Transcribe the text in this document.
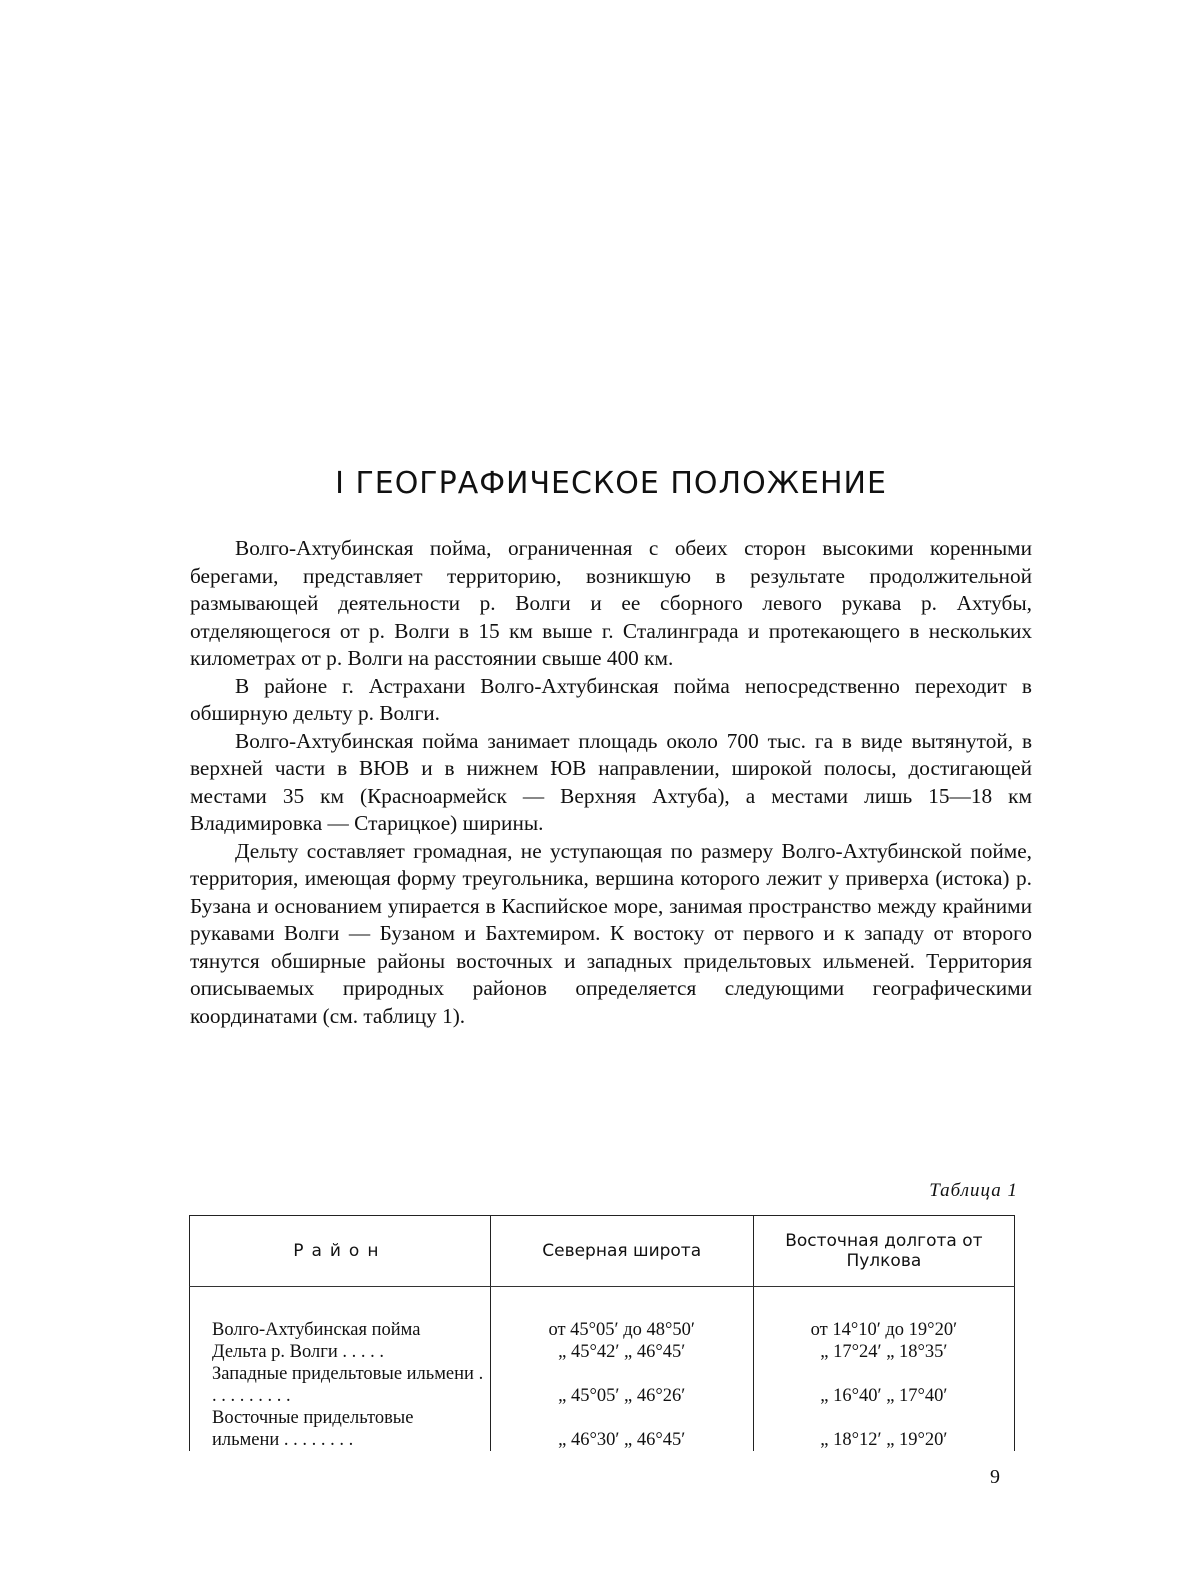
I ГЕОГРАФИЧЕСКОЕ ПОЛОЖЕНИЕ

Волго-Ахтубинская пойма, ограниченная с обеих сторон высокими коренными берегами, представляет территорию, возникшую в результате продолжительной размывающей деятельности р. Волги и ее сборного левого рукава р. Ахтубы, отделяющегося от р. Волги в 15 км выше г. Сталинграда и протекающего в нескольких километрах от р. Волги на расстоянии свыше 400 км.

В районе г. Астрахани Волго-Ахтубинская пойма непосредственно переходит в обширную дельту р. Волги.

Волго-Ахтубинская пойма занимает площадь около 700 тыс. га в виде вытянутой, в верхней части в ВЮВ и в нижнем ЮВ направлении, широкой полосы, достигающей местами 35 км (Красноармейск — Верхняя Ахтуба), а местами лишь 15—18 км Владимировка — Старицкое) ширины.

Дельту составляет громадная, не уступающая по размеру Волго-Ахтубинской пойме, территория, имеющая форму треугольника, вершина которого лежит у приверха (истока) р. Бузана и основанием упирается в Каспийское море, занимая пространство между крайними рукавами Волги — Бузаном и Бахтемиром. К востоку от первого и к западу от второго тянутся обширные районы восточных и западных придельтовых ильменей. Территория описываемых природных районов определяется следующими географическими координатами (см. таблицу 1).

Таблица 1
Район	Северная широта	Восточная долгота от Пулкова

Волго-Ахтубинская пойма	от 45°05′ до 48°50′	от 14°10′ до 19°20′
Дельта р. Волги . . . . .	„ 45°42′ „ 46°45′	„ 17°24′ „ 18°35′
Западные придельтовые ильмени . . . . . . . . . .	„ 45°05′ „ 46°26′	„ 16°40′ „ 17°40′
Восточные придельтовые ильмени . . . . . . . .	„ 46°30′ „ 46°45′	„ 18°12′ „ 19°20′
9
